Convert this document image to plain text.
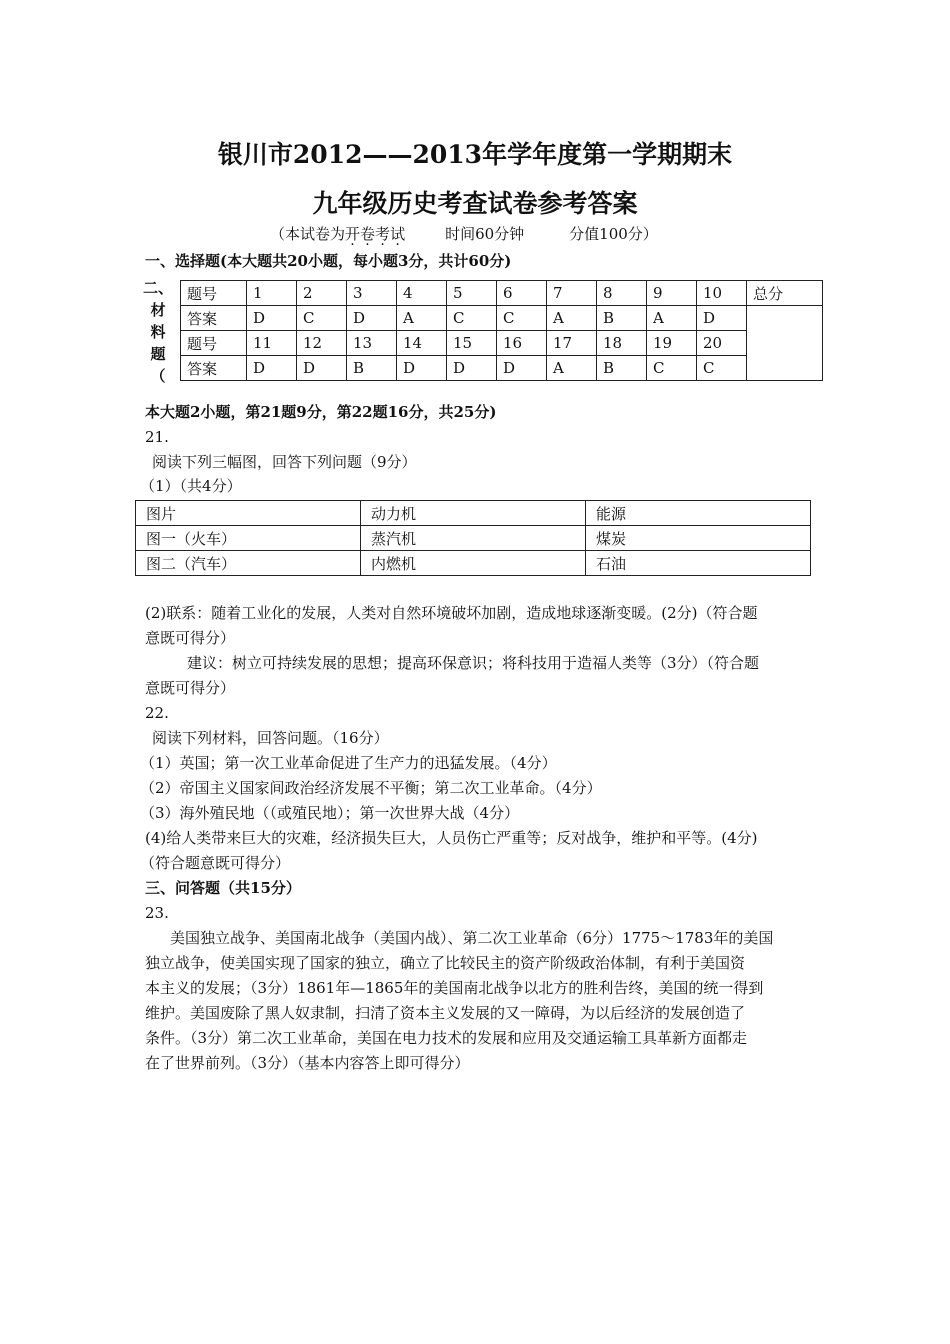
银川市2012——2013年学年度第一学期期末
九年级历史考查试卷参考答案
（本试卷为开卷考试	时间60分钟　　　分值100分）
一、选择题(本大题共20小题，每小题3分，共计60分)
二、
材
料
题
（
题号	1	2	3	4	5	6	7	8	9	10	总分
答案	D	C	D	A	C	C	A	B	A	D	
题号	11	12	13	14	15	16	17	18	19	20	
答案	D	D	B	D	D	D	A	B	C	C	
本大题2小题，第21题9分，第22题16分，共25分)
21.
阅读下列三幅图，回答下列问题（9分）
（1）（共4分）
图片	动力机	能源
图一（火车）	蒸汽机	煤炭
图二（汽车）	内燃机	石油
(2)联系：随着工业化的发展，人类对自然环境破坏加剧，造成地球逐渐变暖。(2分)（符合题
意既可得分）
建议：树立可持续发展的思想；提高环保意识；将科技用于造福人类等（3分）（符合题
意既可得分）
22.
阅读下列材料，回答问题。（16分）
（1）英国；第一次工业革命促进了生产力的迅猛发展。（4分）
（2）帝国主义国家间政治经济发展不平衡；第二次工业革命。（4分）
（3）海外殖民地（（或殖民地）；第一次世界大战（4分）
(4)给人类带来巨大的灾难，经济损失巨大，人员伤亡严重等；反对战争，维护和平等。(4分)
（符合题意既可得分）
三、问答题（共15分）
23.
美国独立战争、美国南北战争（美国内战）、第二次工业革命（6分）1775～1783年的美国
独立战争，使美国实现了国家的独立，确立了比较民主的资产阶级政治体制，有利于美国资
本主义的发展；（3分）1861年—1865年的美国南北战争以北方的胜利告终，美国的统一得到
维护。美国废除了黑人奴隶制，扫清了资本主义发展的又一障碍，为以后经济的发展创造了
条件。（3分）第二次工业革命，美国在电力技术的发展和应用及交通运输工具革新方面都走
在了世界前列。（3分）（基本内容答上即可得分）
